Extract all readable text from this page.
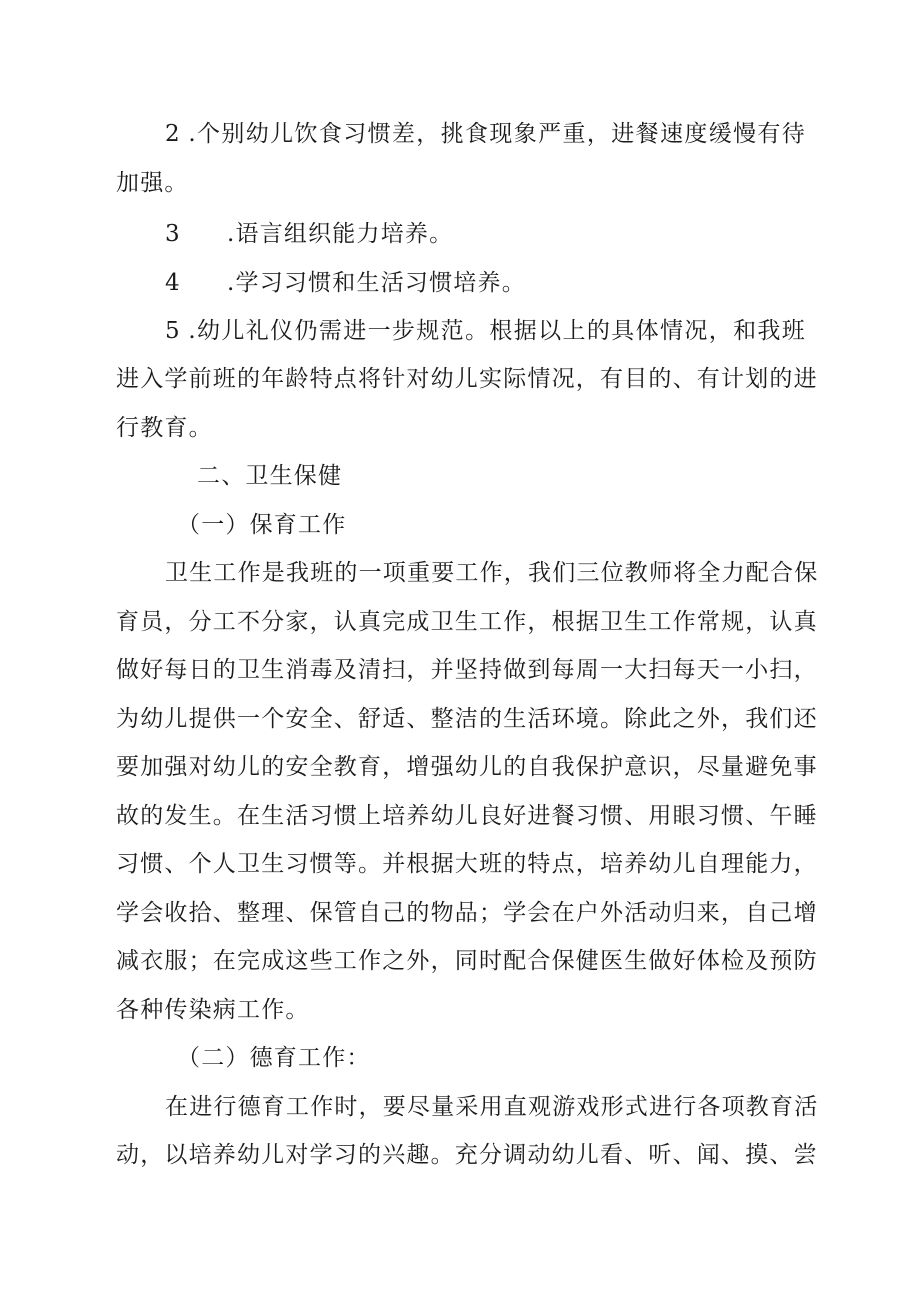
2 .个别幼儿饮食习惯差，挑食现象严重，进餐速度缓慢有待
加强。
3 .语言组织能力培养。
4 .学习习惯和生活习惯培养。
5 .幼儿礼仪仍需进一步规范。根据以上的具体情况，和我班
进入学前班的年龄特点将针对幼儿实际情况，有目的、有计划的进
行教育。
二、卫生保健
（一）保育工作
卫生工作是我班的一项重要工作，我们三位教师将全力配合保
育员，分工不分家，认真完成卫生工作，根据卫生工作常规，认真
做好每日的卫生消毒及清扫，并坚持做到每周一大扫每天一小扫，
为幼儿提供一个安全、舒适、整洁的生活环境。除此之外，我们还
要加强对幼儿的安全教育，增强幼儿的自我保护意识，尽量避免事
故的发生。在生活习惯上培养幼儿良好进餐习惯、用眼习惯、午睡
习惯、个人卫生习惯等。并根据大班的特点，培养幼儿自理能力，
学会收拾、整理、保管自己的物品；学会在户外活动归来，自己增
减衣服；在完成这些工作之外，同时配合保健医生做好体检及预防
各种传染病工作。
（二）德育工作：
在进行德育工作时，要尽量采用直观游戏形式进行各项教育活
动，以培养幼儿对学习的兴趣。充分调动幼儿看、听、闻、摸、尝
